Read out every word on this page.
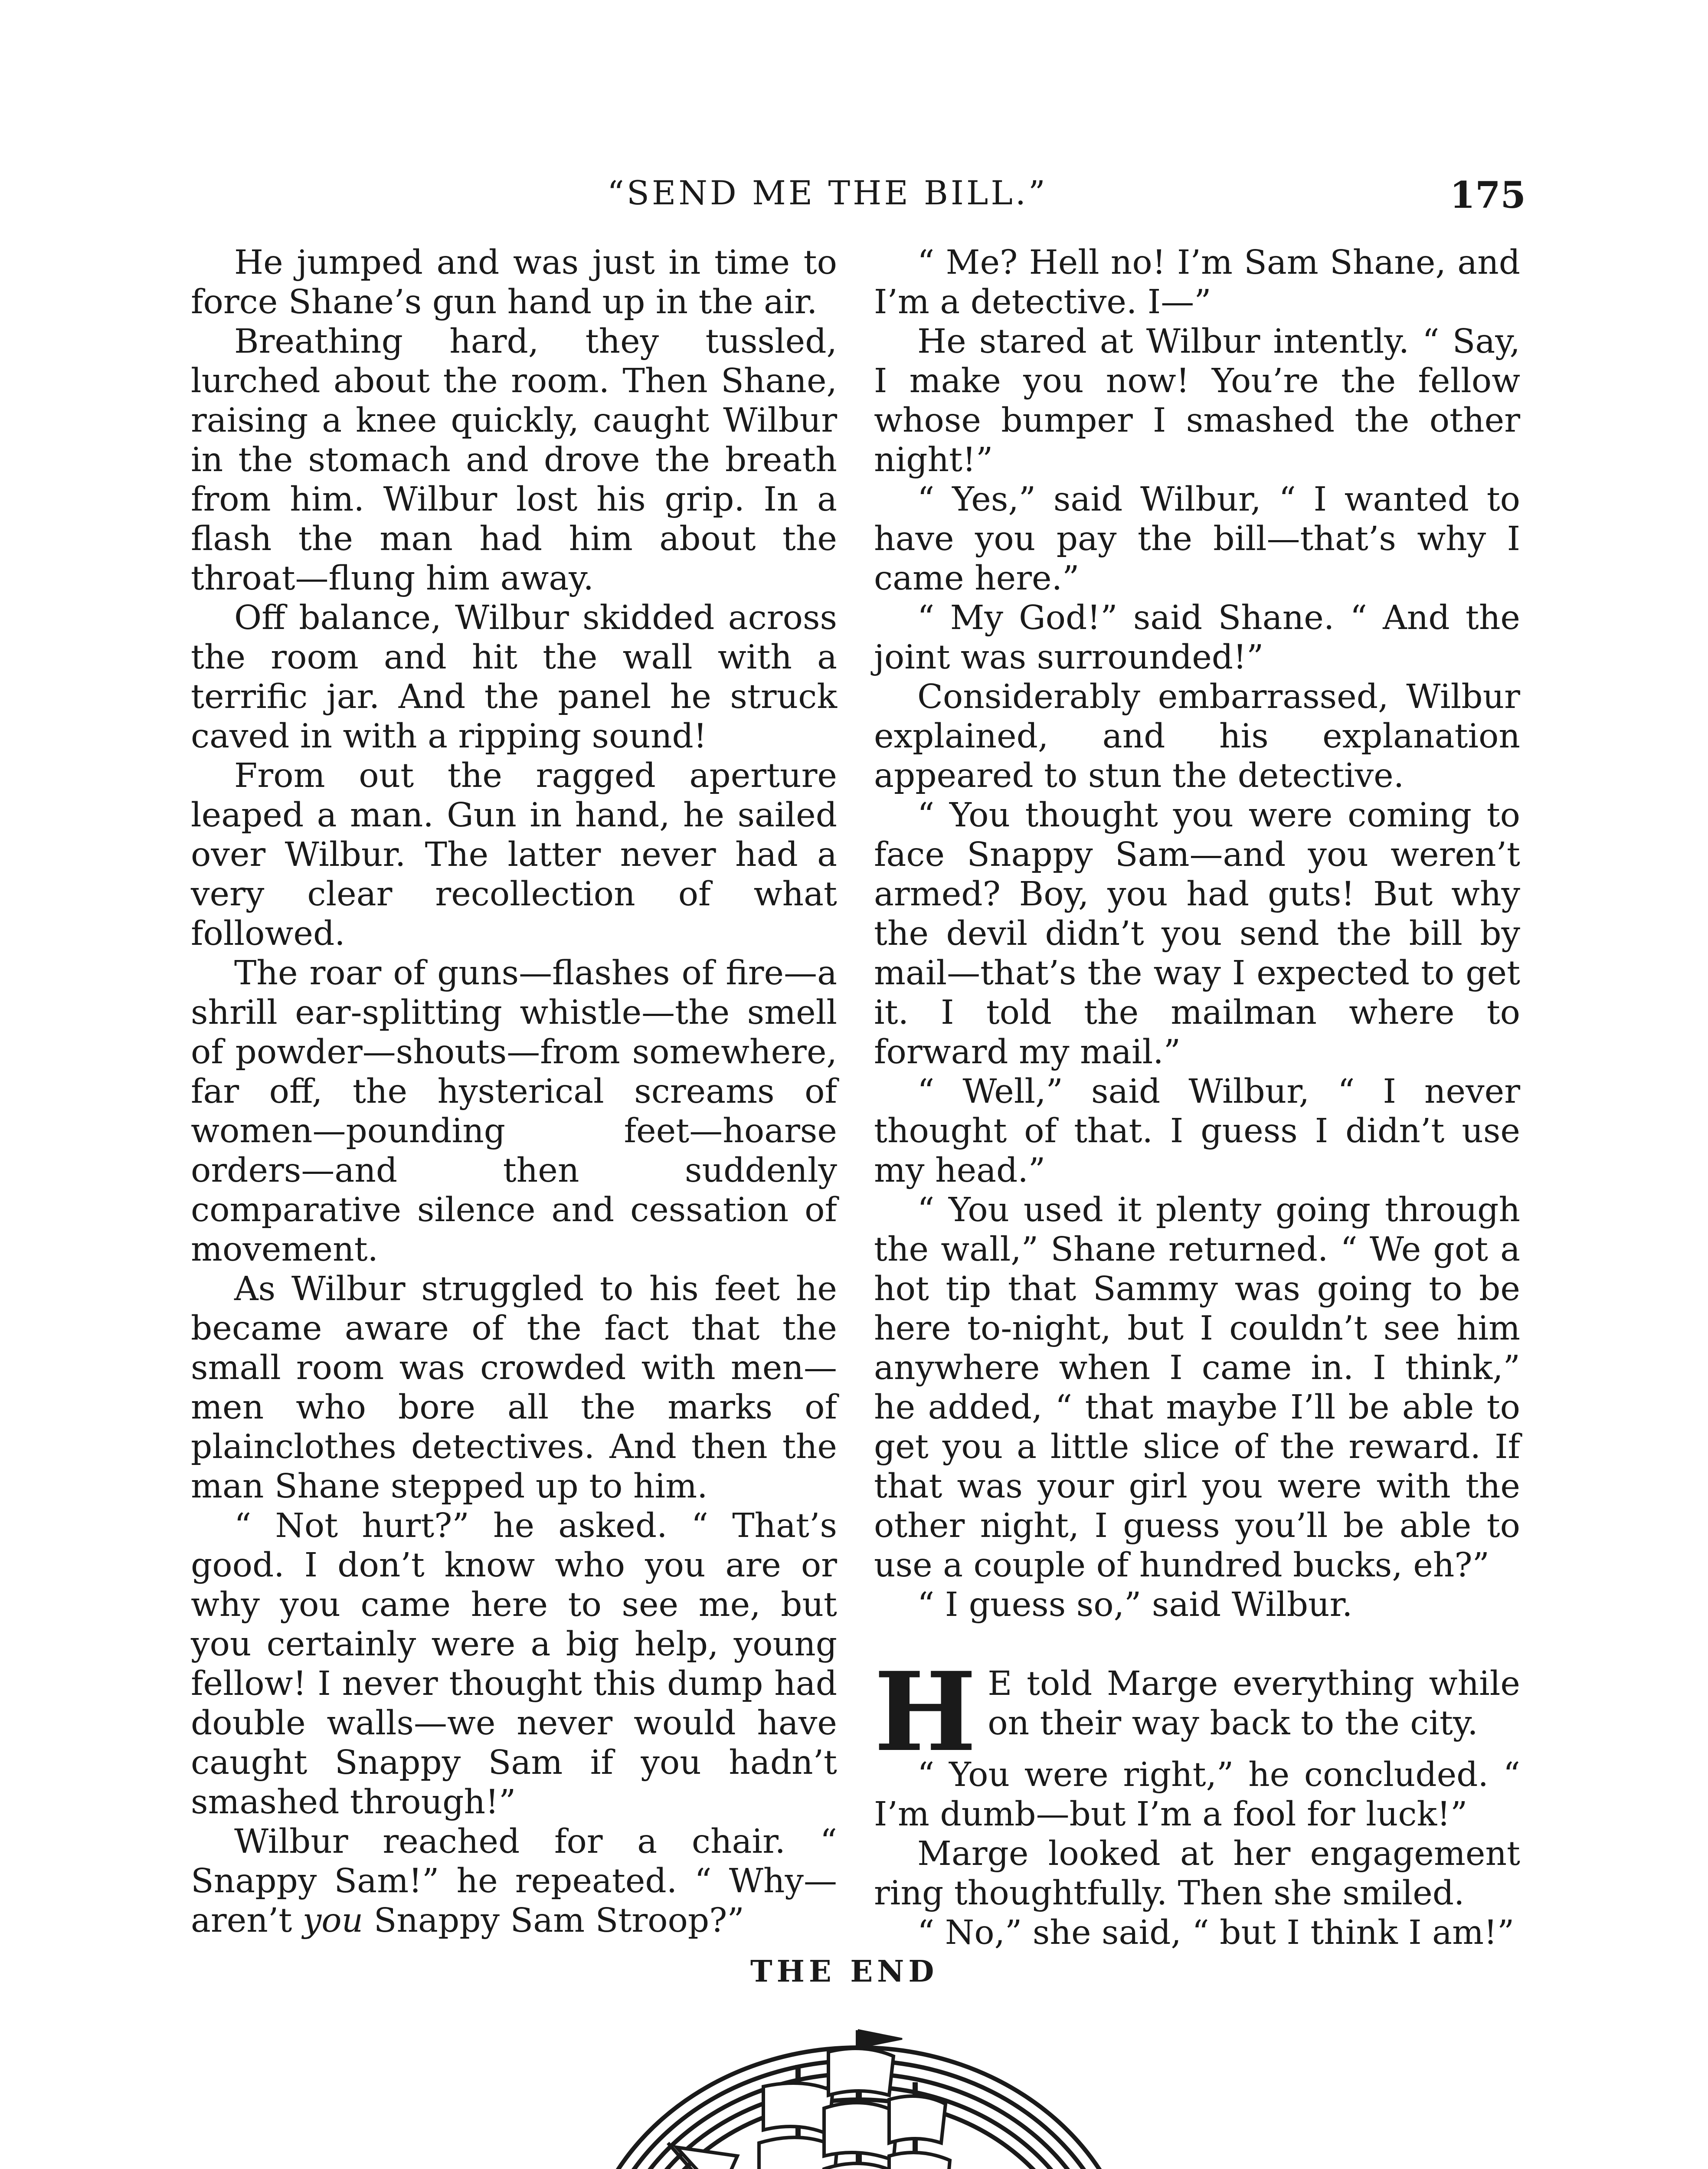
“SEND ME THE BILL.”	175

He jumped and was just in time to force Shane’s gun hand up in the air.

Breathing hard, they tussled, lurched about the room. Then Shane, raising a knee quickly, caught Wilbur in the stomach and drove the breath from him. Wilbur lost his grip. In a flash the man had him about the throat—flung him away.

Off balance, Wilbur skidded across the room and hit the wall with a terrific jar. And the panel he struck caved in with a ripping sound!

From out the ragged aperture leaped a man. Gun in hand, he sailed over Wilbur. The latter never had a very clear recollection of what followed.

The roar of guns—flashes of fire—a shrill ear-splitting whistle—the smell of powder—shouts—from somewhere, far off, the hysterical screams of women—pounding feet—hoarse orders—and then suddenly comparative silence and cessation of movement.

As Wilbur struggled to his feet he became aware of the fact that the small room was crowded with men—men who bore all the marks of plainclothes detectives. And then the man Shane stepped up to him.

“ Not hurt?” he asked. “ That’s good. I don’t know who you are or why you came here to see me, but you certainly were a big help, young fellow! I never thought this dump had double walls—we never would have caught Snappy Sam if you hadn’t smashed through!”

Wilbur reached for a chair. “ Snappy Sam!” he repeated. “ Why—aren’t you Snappy Sam Stroop?”

“ Me? Hell no! I’m Sam Shane, and I’m a detective. I—”

He stared at Wilbur intently. “ Say, I make you now! You’re the fellow whose bumper I smashed the other night!”

“ Yes,” said Wilbur, “ I wanted to have you pay the bill—that’s why I came here.”

“ My God!” said Shane. “ And the joint was surrounded!”

Considerably embarrassed, Wilbur explained, and his explanation appeared to stun the detective.

“ You thought you were coming to face Snappy Sam—and you weren’t armed? Boy, you had guts! But why the devil didn’t you send the bill by mail—that’s the way I expected to get it. I told the mailman where to forward my mail.”

“ Well,” said Wilbur, “ I never thought of that. I guess I didn’t use my head.”

“ You used it plenty going through the wall,” Shane returned. “ We got a hot tip that Sammy was going to be here to-night, but I couldn’t see him anywhere when I came in. I think,” he added, “ that maybe I’ll be able to get you a little slice of the reward. If that was your girl you were with the other night, I guess you’ll be able to use a couple of hundred bucks, eh?”

“ I guess so,” said Wilbur.

H E told Marge everything while on their way back to the city.

“ You were right,” he concluded. “ I’m dumb—but I’m a fool for luck!”

Marge looked at her engagement ring thoughtfully. Then she smiled.

“ No,” she said, “ but I think I am!”

THE END
